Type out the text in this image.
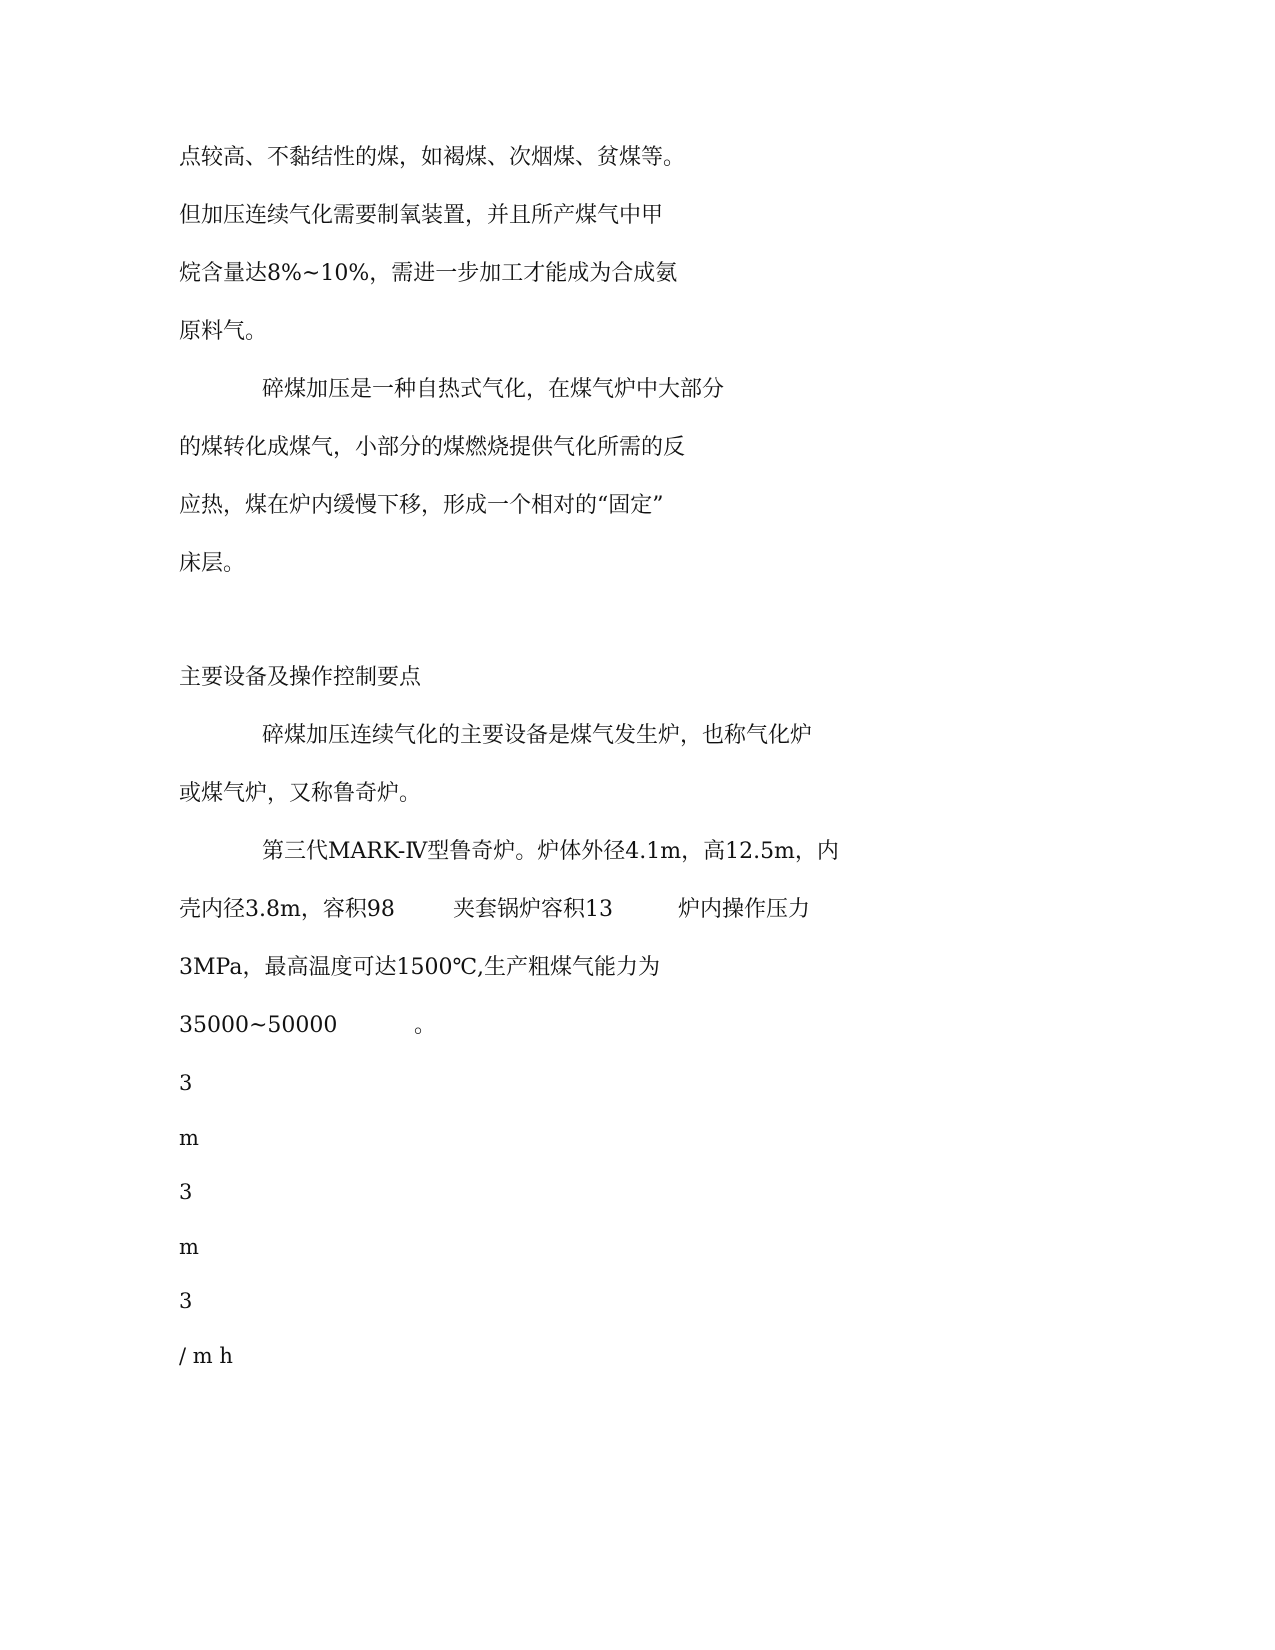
点较高、不黏结性的煤，如褐煤、次烟煤、贫煤等。
但加压连续气化需要制氧装置，并且所产煤气中甲
烷含量达8%~10%，需进一步加工才能成为合成氨
原料气。
碎煤加压是一种自热式气化，在煤气炉中大部分
的煤转化成煤气，小部分的煤燃烧提供气化所需的反
应热，煤在炉内缓慢下移，形成一个相对的“固定”
床层。
主要设备及操作控制要点
碎煤加压连续气化的主要设备是煤气发生炉，也称气化炉
或煤气炉，又称鲁奇炉。
第三代MARK-Ⅳ型鲁奇炉。炉体外径4.1m，高12.5m，内
壳内径3.8m，容积98	夹套锅炉容积13	炉内操作压力
3MPa，最高温度可达1500℃,生产粗煤气能力为
35000~50000	。
3
m
3
m
3
/ m h
